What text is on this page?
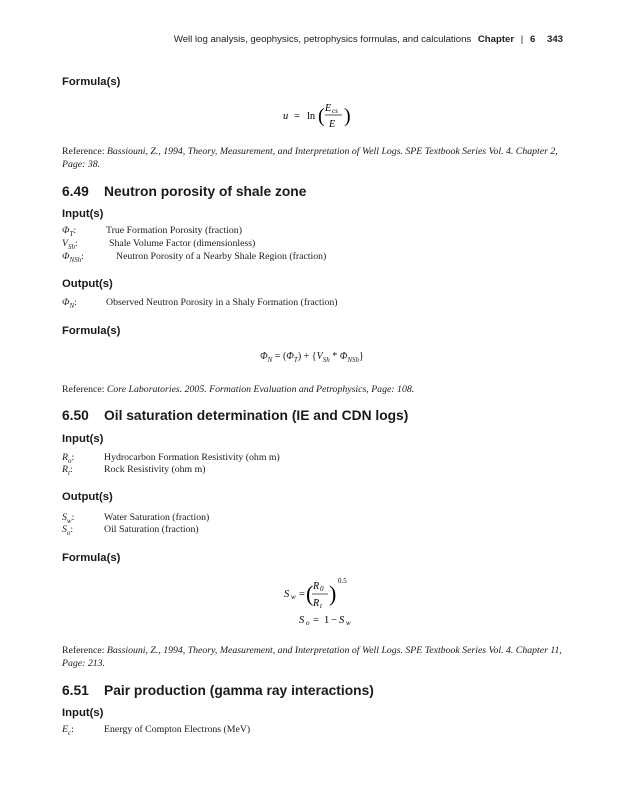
Well log analysis, geophysics, petrophysics formulas, and calculations Chapter | 6 343
Formula(s)
u = ln ( E cs
E )
Reference: Bassiouni, Z., 1994, Theory, Measurement, and Interpretation of Well Logs. SPE Textbook Series Vol. 4. Chapter 2, Page: 38.
6.49 Neutron porosity of shale zone
Input(s)
$\Phi_T$:	True Formation Porosity (fraction)
$V_{Sh}$:	Shale Volume Factor (dimensionless)
$\Phi_{NSh}$:	Neutron Porosity of a Nearby Shale Region (fraction)
Output(s)
$\Phi_N$:	Observed Neutron Porosity in a Shaly Formation (fraction)
Formula(s)
$\Phi_N = (\Phi_T) + \{V_{Sh} * \Phi_{NSh}\}$
Reference: Core Laboratories. 2005. Formation Evaluation and Petrophysics, Page: 108.
6.50 Oil saturation determination (IE and CDN logs)
Input(s)
$R_o$:	Hydrocarbon Formation Resistivity (ohm m)
$R_t$:	Rock Resistivity (ohm m)
Output(s)
$S_w$:	Water Saturation (fraction)
$S_o$:	Oil Saturation (fraction)
Formula(s)
S w = ( R 0
R t ) 0.5
S o = 1 − S w
Reference: Bassiouni, Z., 1994, Theory, Measurement, and Interpretation of Well Logs. SPE Textbook Series Vol. 4. Chapter 11, Page: 213.
6.51 Pair production (gamma ray interactions)
Input(s)
$E_c$:	Energy of Compton Electrons (MeV)
